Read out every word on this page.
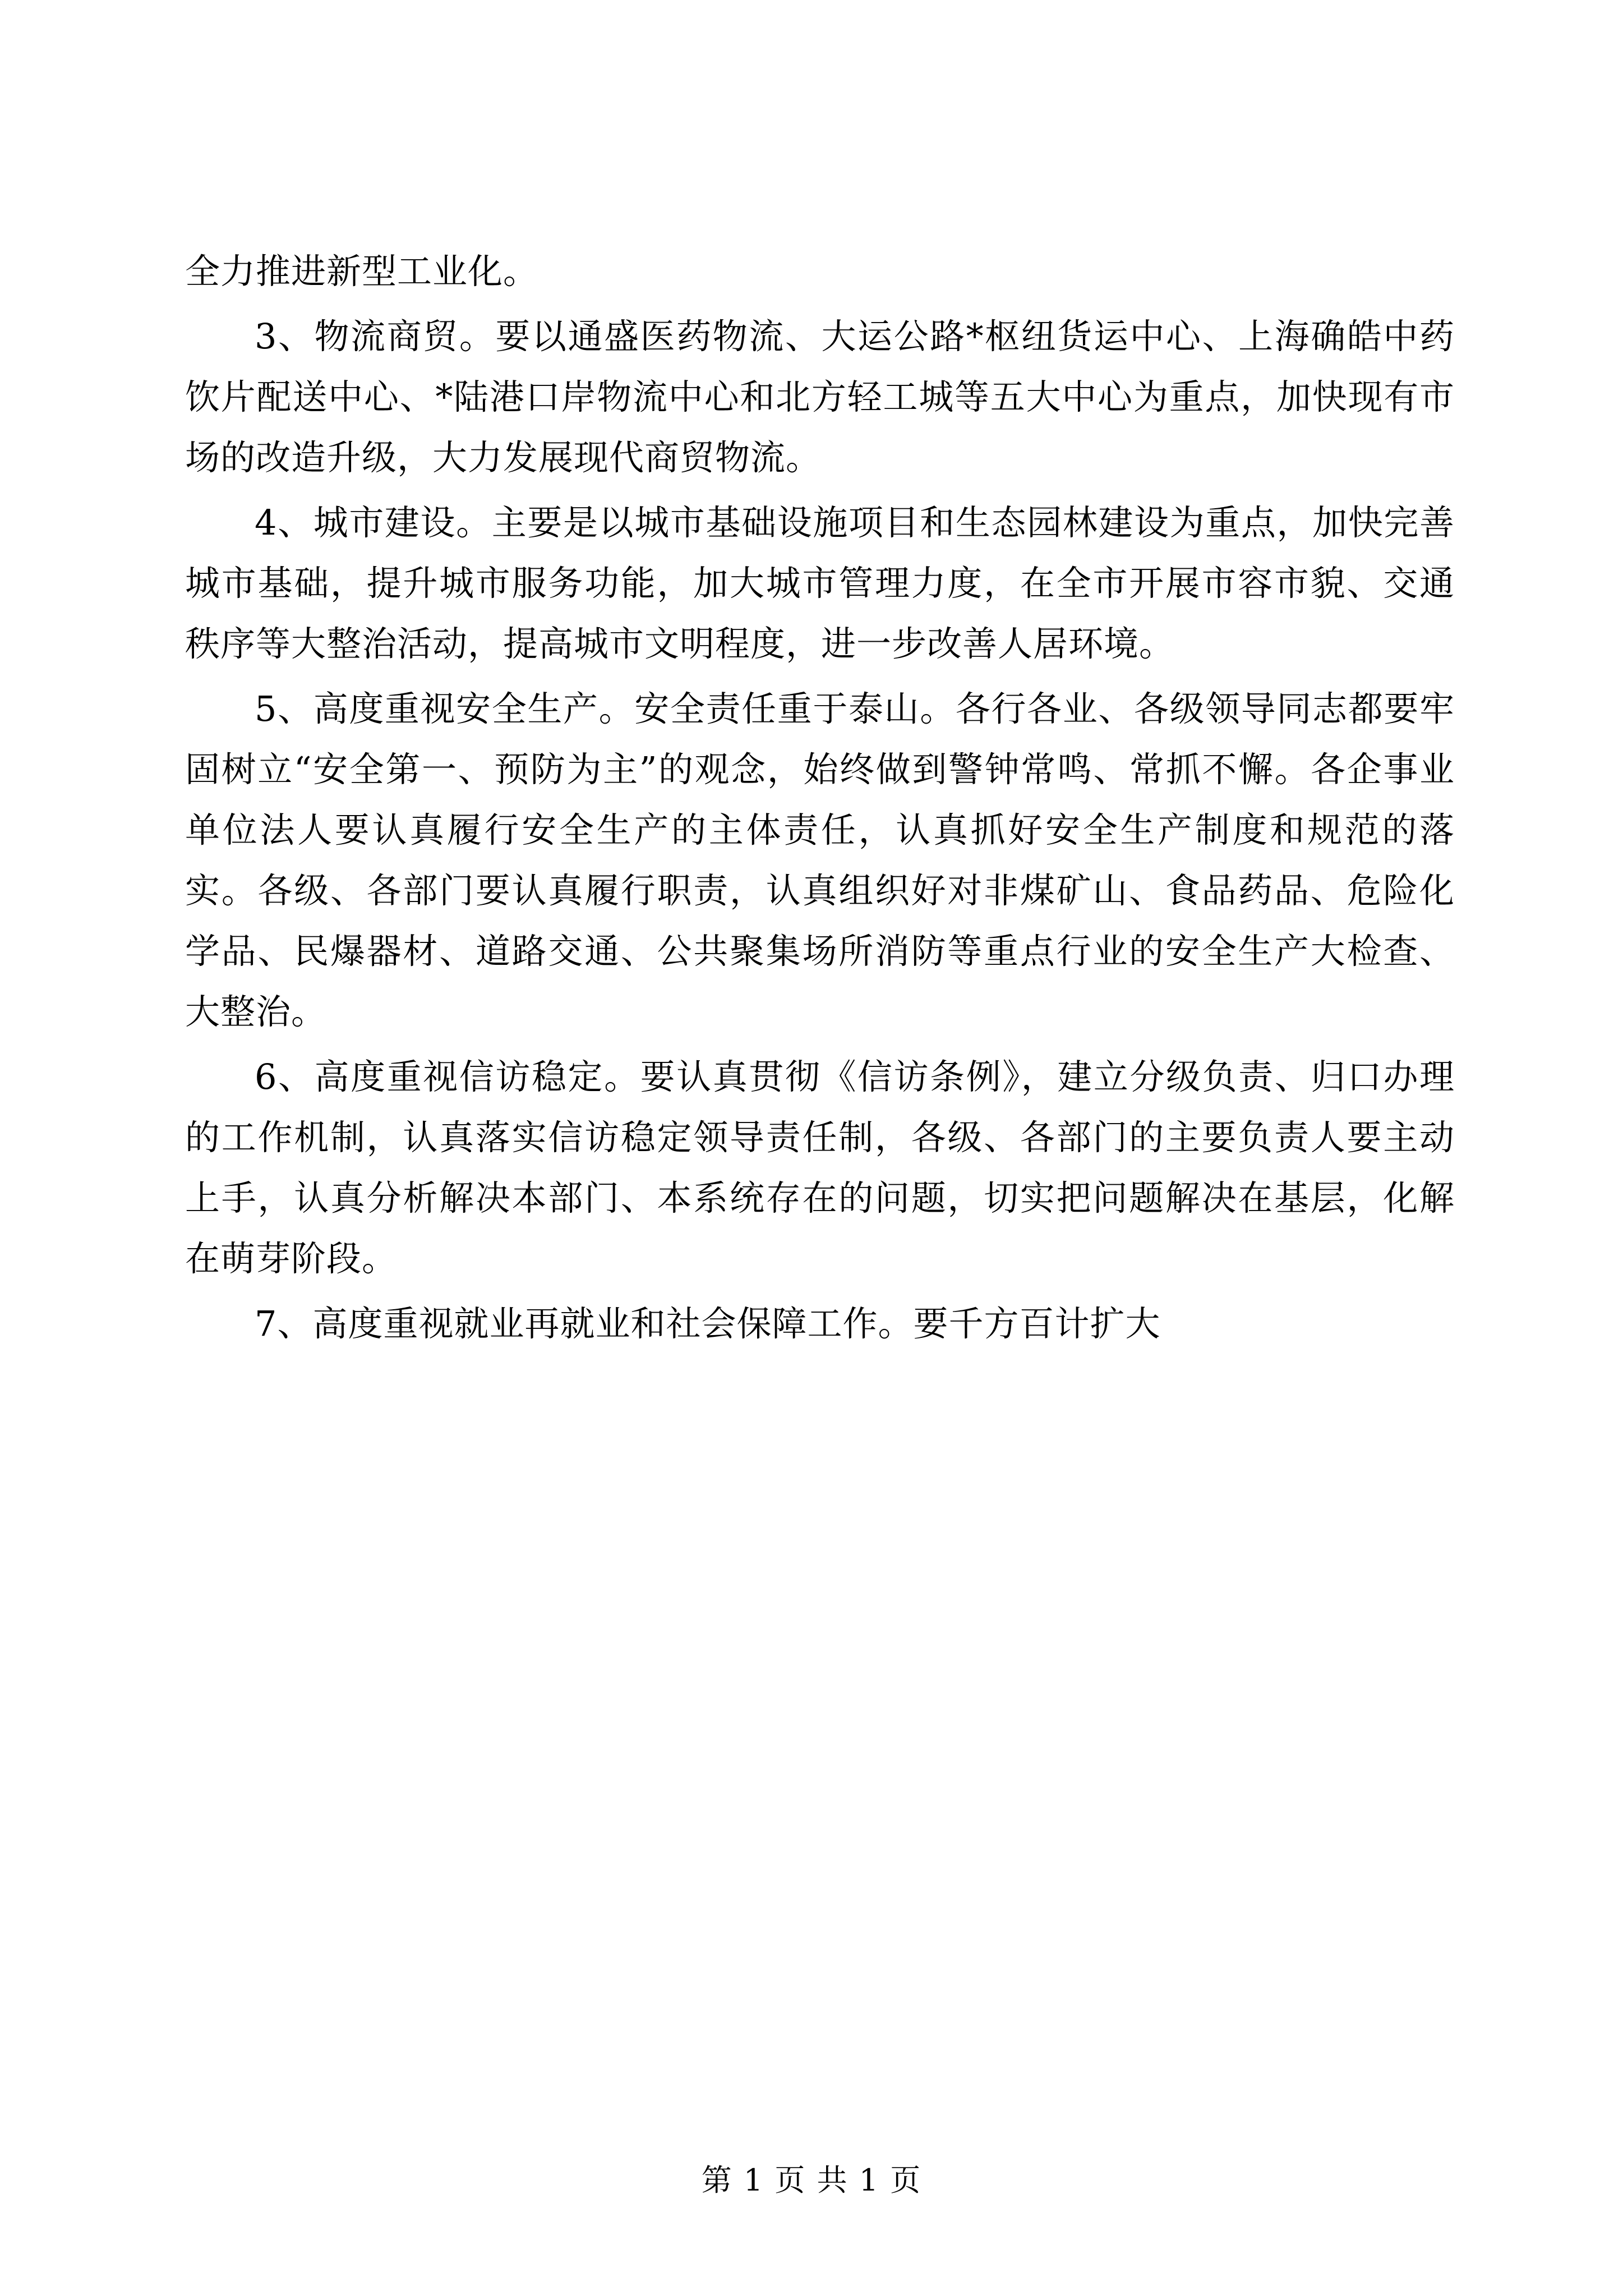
全力推进新型工业化。

3、物流商贸。要以通盛医药物流、大运公路*枢纽货运中心、上海确皓中药饮片配送中心、*陆港口岸物流中心和北方轻工城等五大中心为重点，加快现有市场的改造升级，大力发展现代商贸物流。

4、城市建设。主要是以城市基础设施项目和生态园林建设为重点，加快完善城市基础，提升城市服务功能，加大城市管理力度，在全市开展市容市貌、交通秩序等大整治活动，提高城市文明程度，进一步改善人居环境。

5、高度重视安全生产。安全责任重于泰山。各行各业、各级领导同志都要牢固树立“安全第一、预防为主”的观念，始终做到警钟常鸣、常抓不懈。各企事业单位法人要认真履行安全生产的主体责任，认真抓好安全生产制度和规范的落实。各级、各部门要认真履行职责，认真组织好对非煤矿山、食品药品、危险化学品、民爆器材、道路交通、公共聚集场所消防等重点行业的安全生产大检查、大整治。

6、高度重视信访稳定。要认真贯彻《信访条例》，建立分级负责、归口办理的工作机制，认真落实信访稳定领导责任制，各级、各部门的主要负责人要主动上手，认真分析解决本部门、本系统存在的问题，切实把问题解决在基层，化解在萌芽阶段。

7、高度重视就业再就业和社会保障工作。要千方百计扩大

第 1 页 共 1 页
